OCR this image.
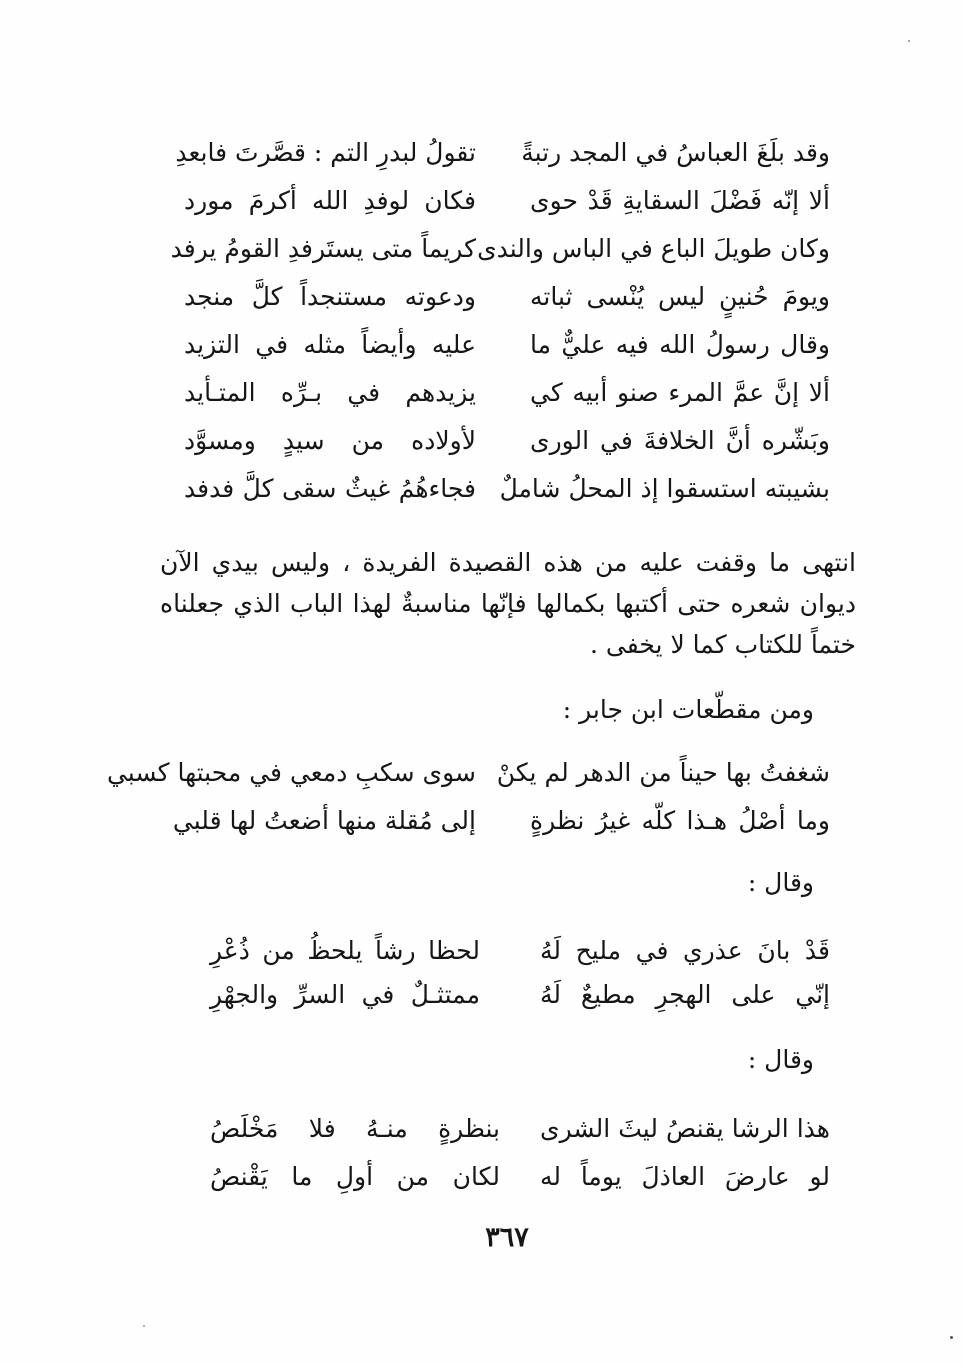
وقد بلَغَ العباسُ في المجد رتبةً
تقولُ لبدرِ التم : قصَّرتَ فابعدِ
ألا إنّه فَضْلَ السقايةِ قَدْ حوى
فكان لوفدِ الله أكرمَ مورد
وكان طويلَ الباع في الباس والندى
كريماً متى يستَرفدِ القومُ يرفد
ويومَ حُنينٍ ليس يُنْسى ثباته
ودعوته مستنجداً كلَّ منجد
وقال رسولُ الله فيه عليٌّ ما
عليه وأيضاً مثله في التزيد
ألا إنَّ عمَّ المرء صنو أبيه كي
يزيدهم في بـرِّه المتـأيد
وبَشّره أنَّ الخلافةَ في الورى
لأولاده من سيدٍ ومسوَّد
بشيبته استسقوا إذ المحلُ شاملٌ
فجاءهُمُ غيثٌ سقى كلَّ فدفد
انتهى ما وقفت عليه من هذه القصيدة الفريدة ، وليس بيدي الآن ديوان شعره حتى أكتبها بكمالها فإنّها مناسبةٌ لهذا الباب الذي جعلناه ختماً للكتاب كما لا يخفى .
ومن مقطّعات ابن جابر :
شغفتُ بها حيناً من الدهر لم يكنْ
سوى سكبِ دمعي في محبتها كسبي
وما أصْلُ هـذا كلّه غيرُ نظرةٍ
إلى مُقلة منها أضعتُ لها قلبي
وقال :
قَدْ بانَ عذري في مليح لَهُ
لحظا رشاً يلحظُ من ذُعْرِ
إنّي على الهجرِ مطيعٌ لَهُ
ممتثـلٌ في السرِّ والجهْرِ
وقال :
هذا الرشا يقنصُ ليثَ الشرى
بنظرةٍ منـهُ فلا مَخْلَصُ
لو عارضَ العاذلَ يوماً له
لكان من أولِ ما يَقْنصُ
٣٦٧
